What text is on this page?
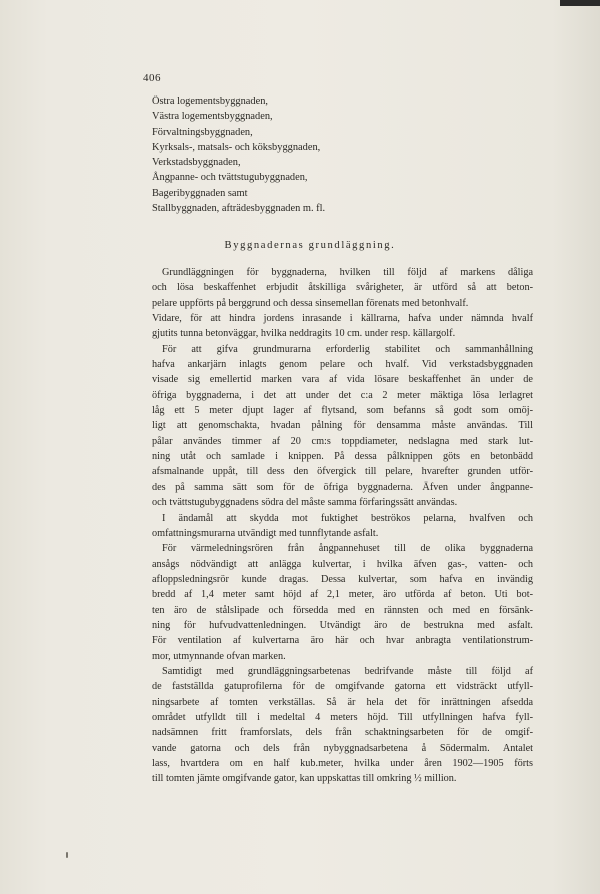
406
Östra logementsbyggnaden,
Västra logementsbyggnaden,
Förvaltningsbyggnaden,
Kyrksals-, matsals- och köksbyggnaden,
Verkstadsbyggnaden,
Ångpanne- och tvättstugubyggnaden,
Bageribyggnaden samt
Stallbyggnaden, afträdesbyggnaden m. fl.
Byggnadernas grundläggning.
Grundläggningen för byggnaderna, hvilken till följd af markens dåliga
och lösa beskaffenhet erbjudit åtskilliga svårigheter, är utförd så att beton-
pelare uppförts på berggrund och dessa sinsemellan förenats med betonhvalf.
Vidare, för att hindra jordens inrasande i källrarna, hafva under nämnda hvalf
gjutits tunna betonväggar, hvilka neddragits 10 cm. under resp. källargolf.
För att gifva grundmurarna erforderlig stabilitet och sammanhållning
hafva ankarjärn inlagts genom pelare och hvalf. Vid verkstadsbyggnaden
visade sig emellertid marken vara af vida lösare beskaffenhet än under de
öfriga byggnaderna, i det att under det c:a 2 meter mäktiga lösa lerlagret
låg ett 5 meter djupt lager af flytsand, som befanns så godt som omöj-
ligt att genomschakta, hvadan pålning för densamma måste användas. Till
pålar användes timmer af 20 cm:s toppdiameter, nedslagna med stark lut-
ning utåt och samlade i knippen. På dessa pålknippen göts en betonbädd
afsmalnande uppåt, till dess den öfvergick till pelare, hvarefter grunden utför-
des på samma sätt som för de öfriga byggnaderna. Äfven under ångpanne-
och tvättstugubyggnadens södra del måste samma förfaringssätt användas.
I ändamål att skydda mot fuktighet beströkos pelarna, hvalfven och
omfattningsmurarna utvändigt med tunnflytande asfalt.
För värmeledningsrören från ångpannehuset till de olika byggnaderna
ansågs nödvändigt att anlägga kulvertar, i hvilka äfven gas-, vatten- och
afloppsledningsrör kunde dragas. Dessa kulvertar, som hafva en invändig
bredd af 1,4 meter samt höjd af 2,1 meter, äro utförda af beton. Uti bot-
ten äro de stålslipade och försedda med en rännsten och med en försänk-
ning för hufvudvattenledningen. Utvändigt äro de bestrukna med asfalt.
För ventilation af kulvertarna äro här och hvar anbragta ventilationstrum-
mor, utmynnande ofvan marken.
Samtidigt med grundläggningsarbetenas bedrifvande måste till följd af
de fastställda gatuprofilerna för de omgifvande gatorna ett vidsträckt utfyll-
ningsarbete af tomten verkställas. Så är hela det för inrättningen afsedda
området utfylldt till i medeltal 4 meters höjd. Till utfyllningen hafva fyll-
nadsämnen fritt framforslats, dels från schaktningsarbeten för de omgif-
vande gatorna och dels från nybyggnadsarbetena å Södermalm. Antalet
lass, hvartdera om en half kub.meter, hvilka under åren 1902—1905 förts
till tomten jämte omgifvande gator, kan uppskattas till omkring ½ million.
